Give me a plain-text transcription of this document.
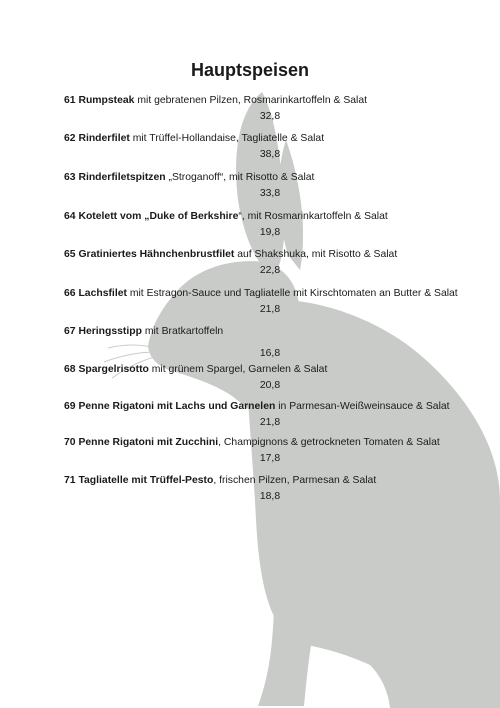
Hauptspeisen
61 Rumpsteak mit gebratenen Pilzen, Rosmarinkartoffeln & Salat
32,8
62 Rinderfilet mit Trüffel-Hollandaise, Tagliatelle & Salat
38,8
63 Rinderfiletspitzen „Stroganoff“, mit Risotto & Salat
33,8
64 Kotelett vom „Duke of Berkshire“, mit Rosmarinkartoffeln & Salat
19,8
65 Gratiniertes Hähnchenbrustfilet auf Shakshuka, mit Risotto & Salat
22,8
66 Lachsfilet mit Estragon-Sauce und Tagliatelle mit Kirschtomaten an Butter & Salat
21,8
67 Heringsstipp mit Bratkartoffeln
16,8
68 Spargelrisotto mit grünem Spargel, Garnelen & Salat
20,8
69 Penne Rigatoni mit Lachs und Garnelen in Parmesan-Weißweinsauce & Salat
21,8
70 Penne Rigatoni mit Zucchini, Champignons & getrockneten Tomaten & Salat
17,8
71 Tagliatelle mit Trüffel-Pesto, frischen Pilzen, Parmesan & Salat
18,8
